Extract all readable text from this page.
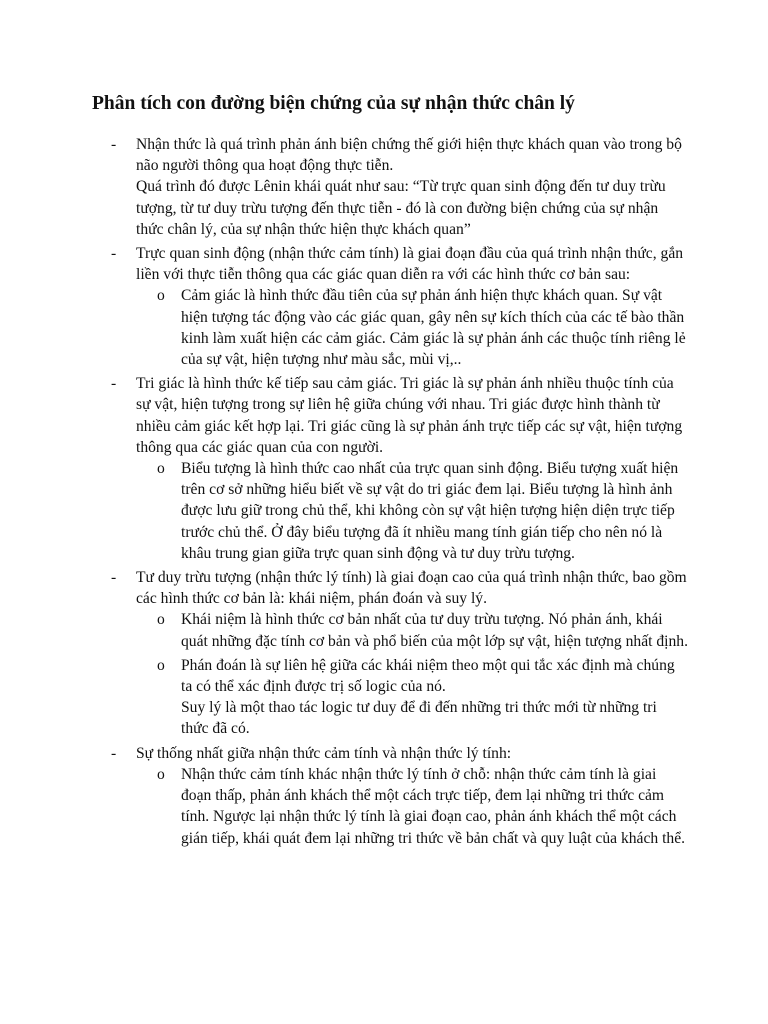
Phân tích con đường biện chứng của sự nhận thức chân lý
- Nhận thức là quá trình phản ánh biện chứng thế giới hiện thực khách quan vào trong bộ não người thông qua hoạt động thực tiễn.
Quá trình đó được Lênin khái quát như sau: “Từ trực quan sinh động đến tư duy trừu tượng, từ tư duy trừu tượng đến thực tiễn - đó là con đường biện chứng của sự nhận thức chân lý, của sự nhận thức hiện thực khách quan”
- Trực quan sinh động (nhận thức cảm tính) là giai đoạn đầu của quá trình nhận thức, gắn liền với thực tiễn thông qua các giác quan diễn ra với các hình thức cơ bản sau:
o Cảm giác là hình thức đầu tiên của sự phản ánh hiện thực khách quan. Sự vật hiện tượng tác động vào các giác quan, gây nên sự kích thích của các tế bào thần kinh làm xuất hiện các cảm giác. Cảm giác là sự phản ánh các thuộc tính riêng lẻ của sự vật, hiện tượng như màu sắc, mùi vị,..
- Tri giác là hình thức kế tiếp sau cảm giác. Tri giác là sự phản ánh nhiều thuộc tính của sự vật, hiện tượng trong sự liên hệ giữa chúng với nhau. Tri giác được hình thành từ nhiều cảm giác kết hợp lại. Tri giác cũng là sự phản ánh trực tiếp các sự vật, hiện tượng thông qua các giác quan của con người.
o Biểu tượng là hình thức cao nhất của trực quan sinh động. Biểu tượng xuất hiện trên cơ sở những hiểu biết về sự vật do tri giác đem lại. Biểu tượng là hình ảnh được lưu giữ trong chủ thể, khi không còn sự vật hiện tượng hiện diện trực tiếp trước chủ thể. Ở đây biểu tượng đã ít nhiều mang tính gián tiếp cho nên nó là khâu trung gian giữa trực quan sinh động và tư duy trừu tượng.
- Tư duy trừu tượng (nhận thức lý tính) là giai đoạn cao của quá trình nhận thức, bao gồm các hình thức cơ bản là: khái niệm, phán đoán và suy lý.
o Khái niệm là hình thức cơ bản nhất của tư duy trừu tượng. Nó phản ánh, khái quát những đặc tính cơ bản và phổ biến của một lớp sự vật, hiện tượng nhất định.
o Phán đoán là sự liên hệ giữa các khái niệm theo một qui tắc xác định mà chúng ta có thể xác định được trị số logic của nó.
Suy lý là một thao tác logic tư duy để đi đến những tri thức mới từ những tri thức đã có.
- Sự thống nhất giữa nhận thức cảm tính và nhận thức lý tính:
o Nhận thức cảm tính khác nhận thức lý tính ở chỗ: nhận thức cảm tính là giai đoạn thấp, phản ánh khách thể một cách trực tiếp, đem lại những tri thức cảm tính. Ngược lại nhận thức lý tính là giai đoạn cao, phản ánh khách thể một cách gián tiếp, khái quát đem lại những tri thức về bản chất và quy luật của khách thể.
